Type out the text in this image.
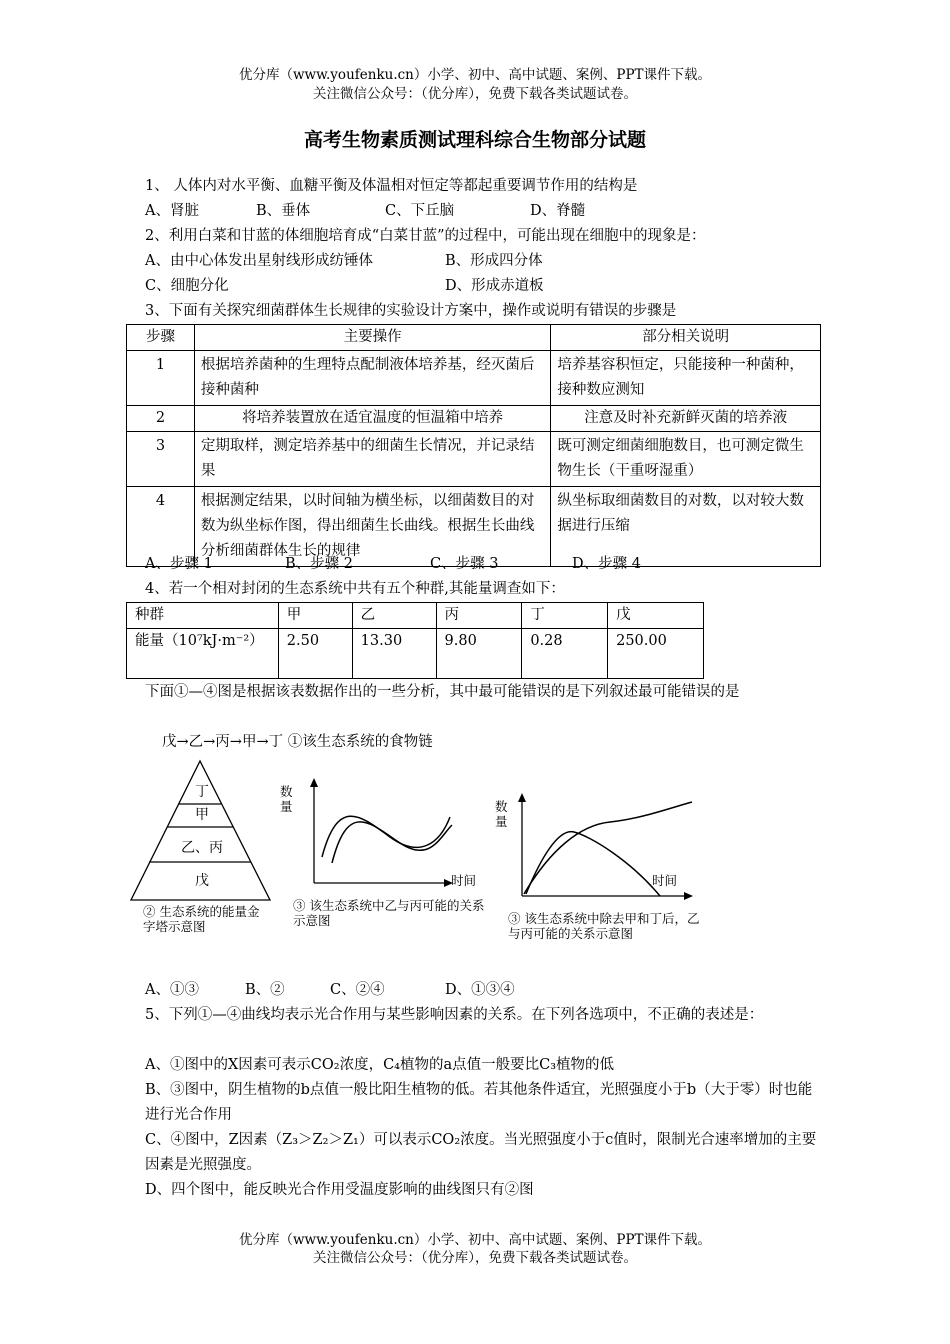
优分库（www.youfenku.cn）小学、初中、高中试题、案例、PPT课件下载。
关注微信公众号：（优分库），免费下载各类试题试卷。
高考生物素质测试理科综合生物部分试题
1、 人体内对水平衡、血糖平衡及体温相对恒定等都起重要调节作用的结构是
A、肾脏	B、垂体	C、下丘脑	D、脊髓
2、利用白菜和甘蓝的体细胞培育成“白菜甘蓝”的过程中，可能出现在细胞中的现象是：
A、由中心体发出星射线形成纺锤体	B、形成四分体
C、细胞分化	D、形成赤道板
3、下面有关探究细菌群体生长规律的实验设计方案中，操作或说明有错误的步骤是
步骤	主要操作	部分相关说明
1	根据培养菌种的生理特点配制液体培养基，经灭菌后接种菌种	培养基容积恒定，只能接种一种菌种，接种数应测知
2	将培养装置放在适宜温度的恒温箱中培养	注意及时补充新鲜灭菌的培养液
3	定期取样，测定培养基中的细菌生长情况，并记录结果	既可测定细菌细胞数目，也可测定微生物生长（干重呀湿重）
4	根据测定结果，以时间轴为横坐标，以细菌数目的对数为纵坐标作图，得出细菌生长曲线。根据生长曲线分析细菌群体生长的规律	纵坐标取细菌数目的对数，以对较大数据进行压缩
A、步骤 1	B、步骤 2	C、步骤 3	D、步骤 4
4、若一个相对封闭的生态系统中共有五个种群,其能量调查如下：
种群	甲	乙	丙	丁	戊
能量（10⁷kJ·m⁻²）	2.50	13.30	9.80	0.28	250.00
下面①—④图是根据该表数据作出的一些分析，其中最可能错误的是下列叙述最可能错误的是
戊→乙→丙→甲→丁 ①该生态系统的食物链
丁
甲
乙、丙
戊
② 生态系统的能量金字塔示意图
数量
时间
③ 该生态系统中乙与丙可能的关系示意图
数量
时间
③ 该生态系统中除去甲和丁后，乙与丙可能的关系示意图
A、①③	B、②	C、②④	D、①③④
5、下列①—④曲线均表示光合作用与某些影响因素的关系。在下列各选项中，不正确的表述是：
A、①图中的X因素可表示CO₂浓度，C₄植物的a点值一般要比C₃植物的低
B、③图中，阴生植物的b点值一般比阳生植物的低。若其他条件适宜，光照强度小于b（大于零）时也能进行光合作用
C、④图中，Z因素（Z₃＞Z₂＞Z₁）可以表示CO₂浓度。当光照强度小于c值时，限制光合速率增加的主要因素是光照强度。
D、四个图中，能反映光合作用受温度影响的曲线图只有②图
优分库（www.youfenku.cn）小学、初中、高中试题、案例、PPT课件下载。
关注微信公众号：（优分库），免费下载各类试题试卷。
